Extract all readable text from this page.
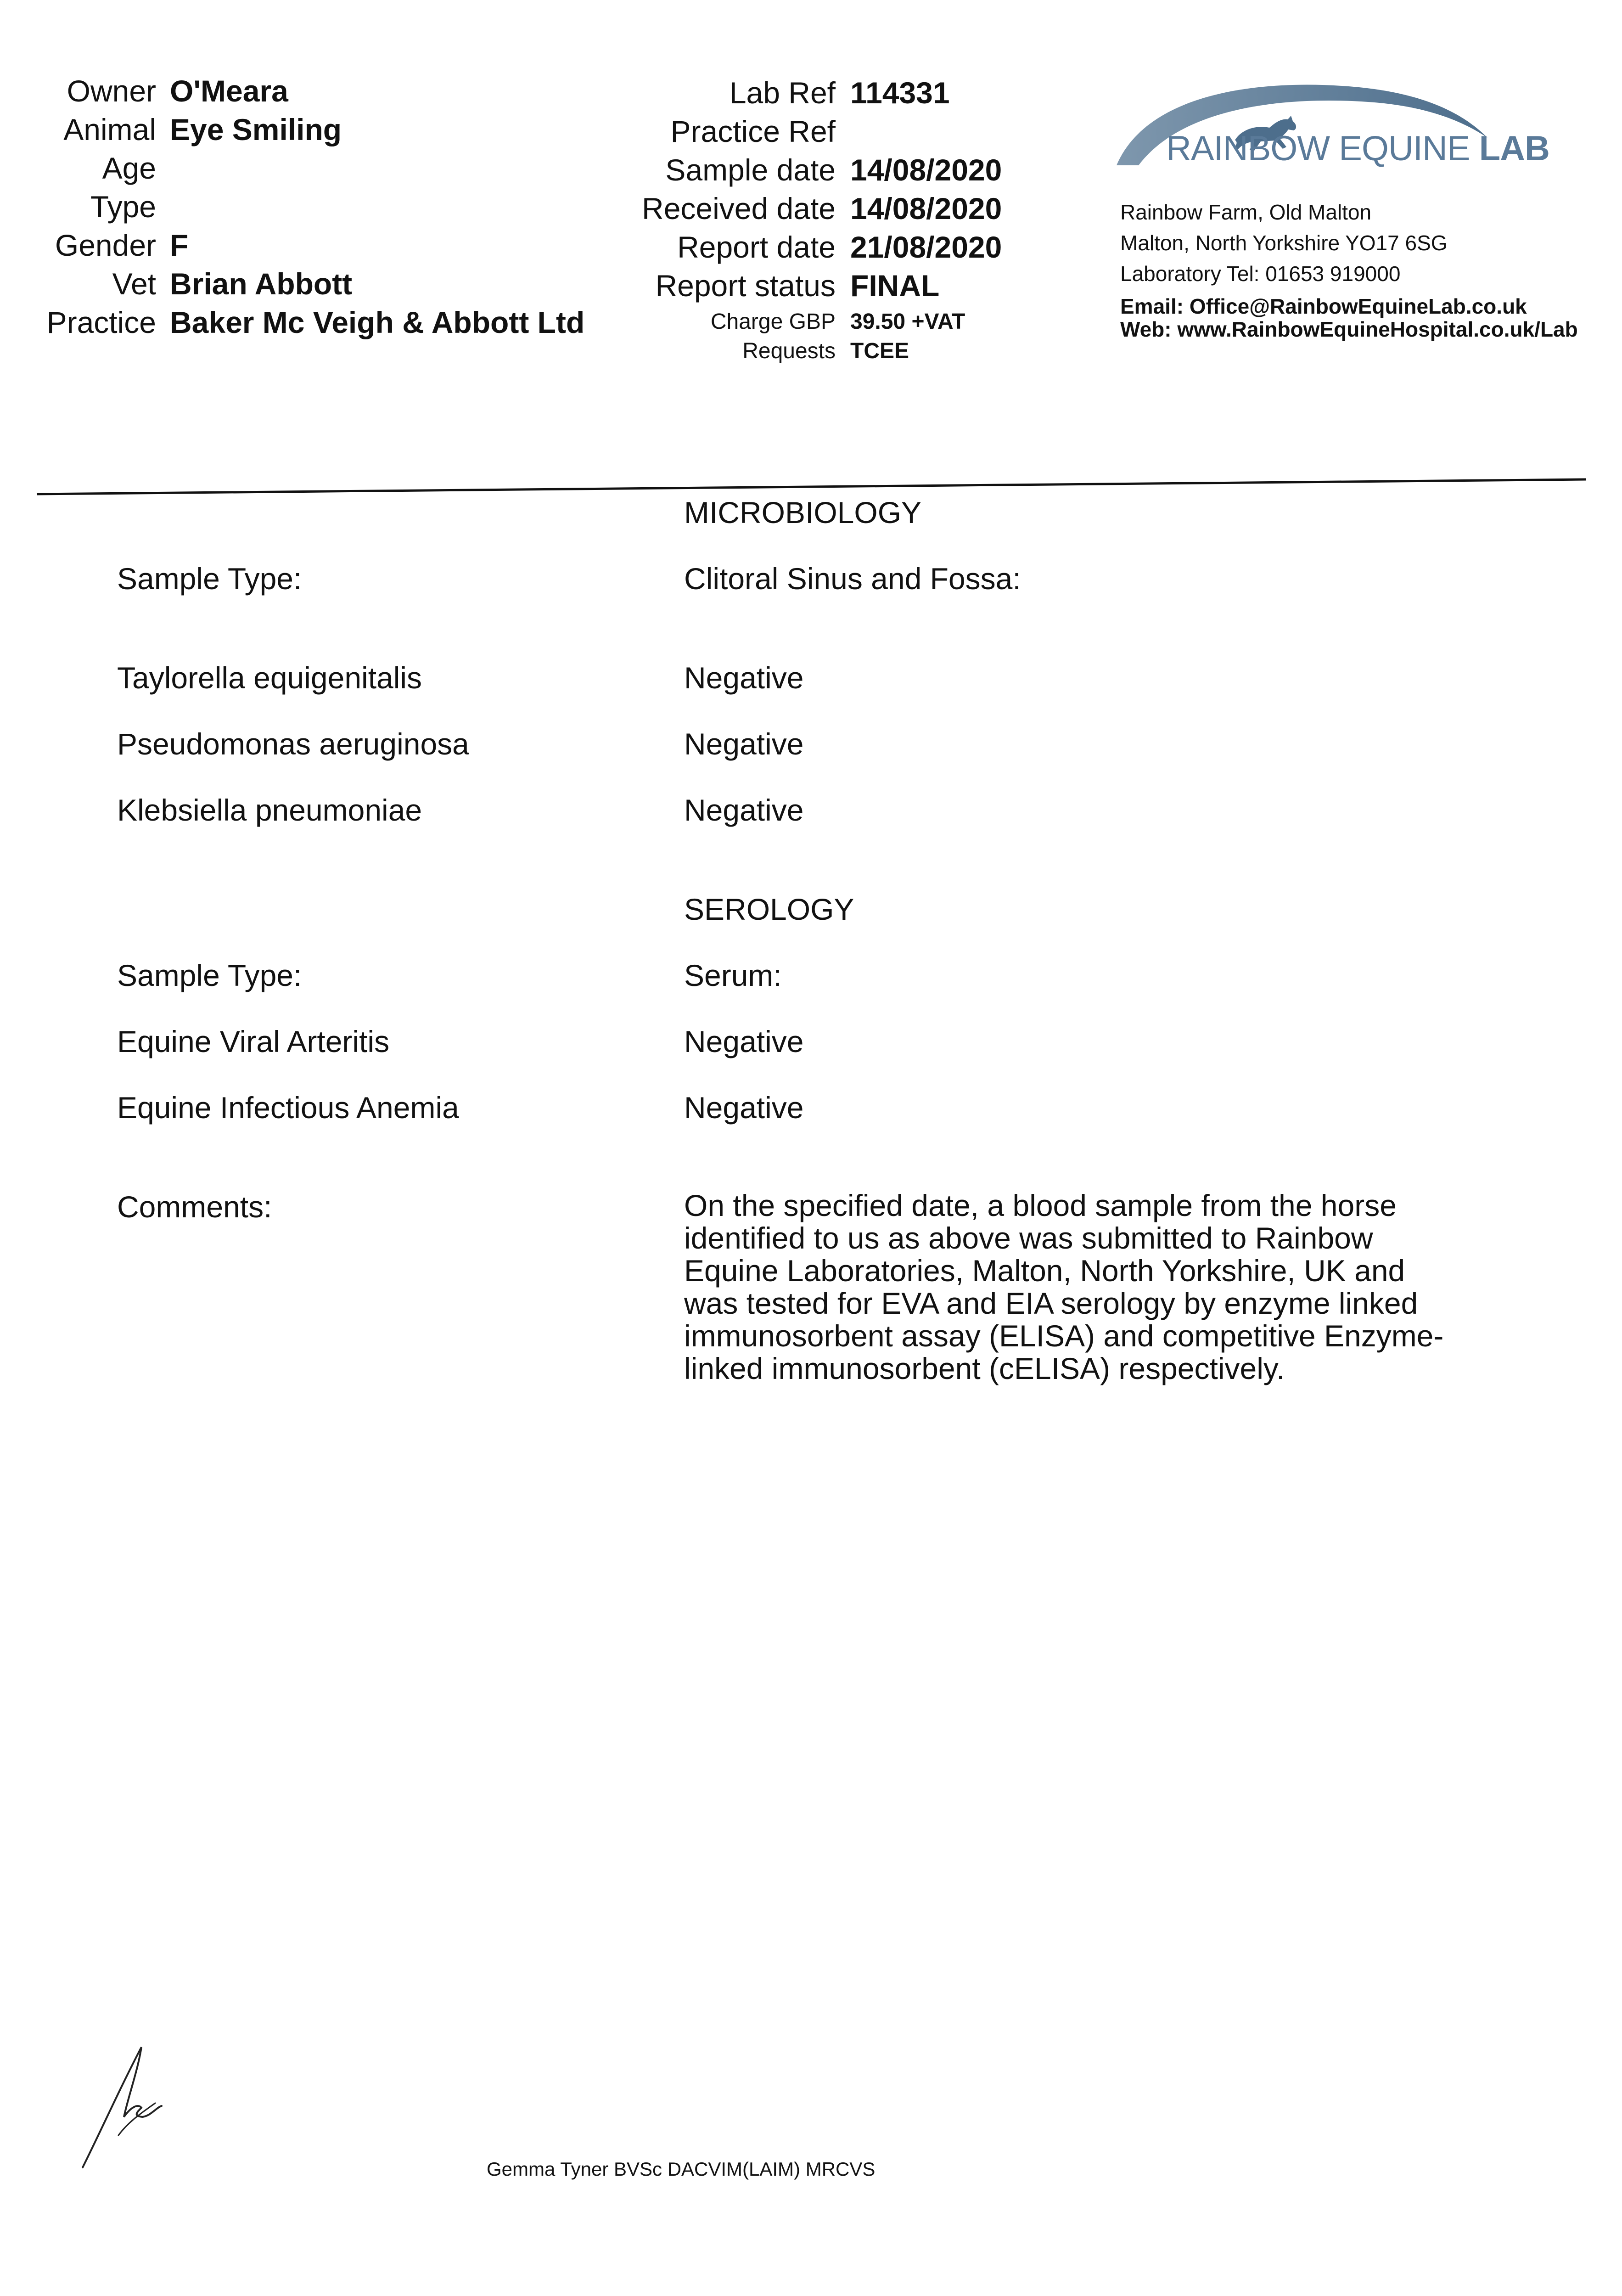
Owner O'Meara
Animal Eye Smiling
Age
Type
Gender F
Vet Brian Abbott
Practice Baker Mc Veigh & Abbott Ltd
Lab Ref 114331
Practice Ref
Sample date 14/08/2020
Received date 14/08/2020
Report date 21/08/2020
Report status FINAL
Charge GBP 39.50 +VAT
Requests TCEE
RAINBOW EQUINE LAB
Rainbow Farm, Old Malton
Malton, North Yorkshire YO17 6SG
Laboratory Tel: 01653 919000
Email: Office@RainbowEquineLab.co.uk
Web: www.RainbowEquineHospital.co.uk/Lab
MICROBIOLOGY
Sample Type:	Clitoral Sinus and Fossa:
Taylorella equigenitalis	Negative
Pseudomonas aeruginosa	Negative
Klebsiella pneumoniae	Negative
SEROLOGY
Sample Type:	Serum:
Equine Viral Arteritis	Negative
Equine Infectious Anemia	Negative
Comments:	On the specified date, a blood sample from the horse identified to us as above was submitted to Rainbow Equine Laboratories, Malton, North Yorkshire, UK and was tested for EVA and EIA serology by enzyme linked immunosorbent assay (ELISA) and competitive Enzyme-linked immunosorbent (cELISA) respectively.
Gemma Tyner BVSc DACVIM(LAIM) MRCVS
